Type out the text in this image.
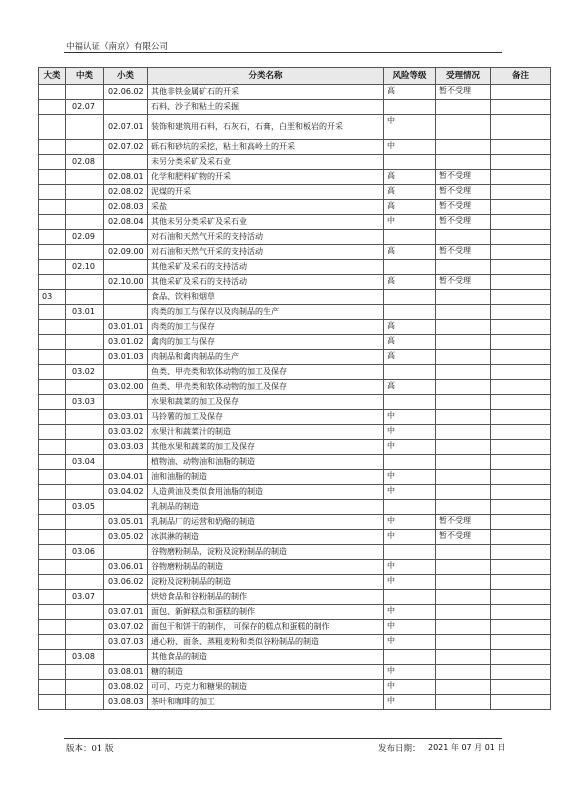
中福认证（南京）有限公司
大类	中类	小类	分类名称	风险等级	受理情况	备注
		02.06.02	其他非铁金属矿石的开采	高	暂不受理	
	02.07		石料、沙子和粘土的采掘			
		02.07.01	装饰和建筑用石料，石灰石，石膏，白垩和板岩的开采	中		
		02.07.02	砾石和砂坑的采挖，粘土和高岭土的开采	中		
	02.08		未另分类采矿及采石业			
		02.08.01	化学和肥料矿物的开采	高	暂不受理	
		02.08.02	泥煤的开采	高	暂不受理	
		02.08.03	采盐	高	暂不受理	
		02.08.04	其他未另分类采矿及采石业	中	暂不受理	
	02.09		对石油和天然气开采的支持活动			
		02.09.00	对石油和天然气开采的支持活动	高	暂不受理	
	02.10		其他采矿及采石的支持活动			
		02.10.00	其他采矿及采石的支持活动	高	暂不受理	
03			食品、饮料和烟草			
	03.01		肉类的加工与保存以及肉制品的生产			
		03.01.01	肉类的加工与保存	高		
		03.01.02	禽肉的加工与保存	高		
		03.01.03	肉制品和禽肉制品的生产	高		
	03.02		鱼类、甲壳类和软体动物的加工及保存			
		03.02.00	鱼类、甲壳类和软体动物的加工及保存	高		
	03.03		水果和蔬菜的加工及保存			
		03.03.01	马铃薯的加工及保存	中		
		03.03.02	水果汁和蔬菜汁的制造	中		
		03.03.03	其他水果和蔬菜的加工及保存	中		
	03.04		植物油、动物油和油脂的制造			
		03.04.01	油和油脂的制造	中		
		03.04.02	人造黄油及类似食用油脂的制造	中		
	03.05		乳制品的制造			
		03.05.01	乳制品厂的运营和奶酪的制造	中	暂不受理	
		03.05.02	冰淇淋的制造	中	暂不受理	
	03.06		谷物磨粉制品，淀粉及淀粉制品的制造			
		03.06.01	谷物磨粉制品的制造	中		
		03.06.02	淀粉及淀粉制品的制造	中		
	03.07		烘焙食品和谷粉制品的制作			
		03.07.01	面包、新鲜糕点和蛋糕的制作	中		
		03.07.02	面包干和饼干的制作， 可保存的糕点和蛋糕的制作	中		
		03.07.03	通心粉、面条、蒸粗麦粉和类似谷粉制品的制造	中		
	03.08		其他食品的制造			
		03.08.01	糖的制造	中		
		03.08.02	可可、巧克力和糖果的制造	中		
		03.08.03	茶叶和咖啡的加工	中		
版本：01 版	发布日期： 2021 年 07 月 01 日
